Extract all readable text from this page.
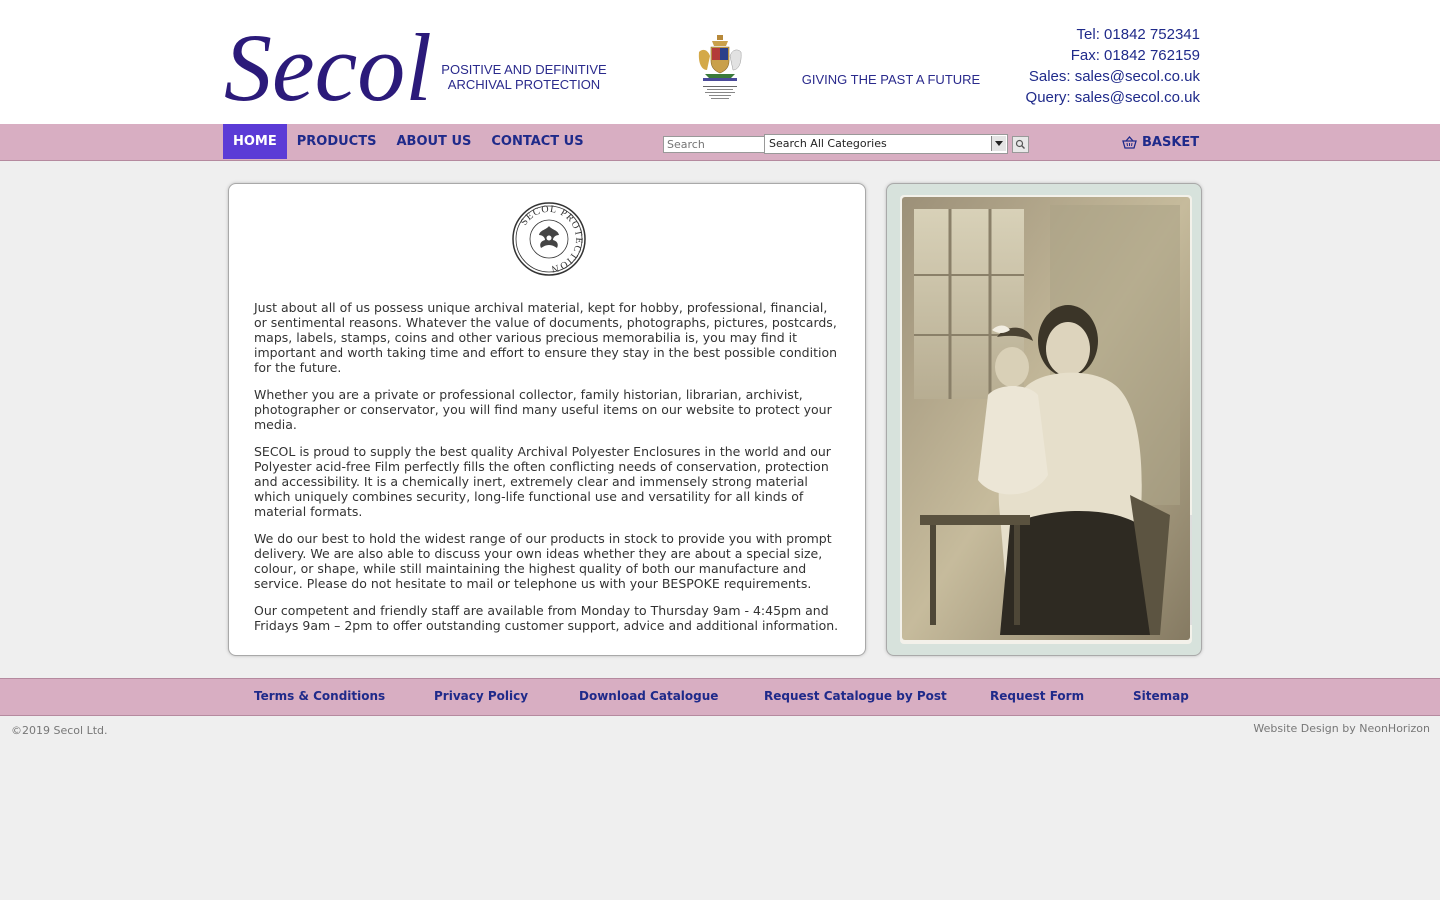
Secol POSITIVE AND DEFINITIVE
ARCHIVAL PROTECTION	GIVING THE PAST A FUTURE
Tel: 01842 752341
Fax: 01842 762159
Sales: sales@secol.co.uk
Query: sales@secol.co.uk
HOME	PRODUCTS	ABOUT US	CONTACT US
Search	Search All Categories	BASKET
SECOL PROTECTION

Just about all of us possess unique archival material, kept for hobby, professional, financial, or sentimental reasons. Whatever the value of documents, photographs, pictures, postcards, maps, labels, stamps, coins and other various precious memorabilia is, you may find it important and worth taking time and effort to ensure they stay in the best possible condition for the future.

Whether you are a private or professional collector, family historian, librarian, archivist, photographer or conservator, you will find many useful items on our website to protect your media.

SECOL is proud to supply the best quality Archival Polyester Enclosures in the world and our Polyester acid-free Film perfectly fills the often conflicting needs of conservation, protection and accessibility. It is a chemically inert, extremely clear and immensely strong material which uniquely combines security, long-life functional use and versatility for all kinds of material formats.

We do our best to hold the widest range of our products in stock to provide you with prompt delivery. We are also able to discuss your own ideas whether they are about a special size, colour, or shape, while still maintaining the highest quality of both our manufacture and service. Please do not hesitate to mail or telephone us with your BESPOKE requirements.

Our competent and friendly staff are available from Monday to Thursday 9am - 4:45pm and Fridays 9am – 2pm to offer outstanding customer support, advice and additional information.

Terms & Conditions	Privacy Policy	Download Catalogue	Request Catalogue by Post	Request Form	Sitemap
©2019 Secol Ltd.	Website Design by NeonHorizon
